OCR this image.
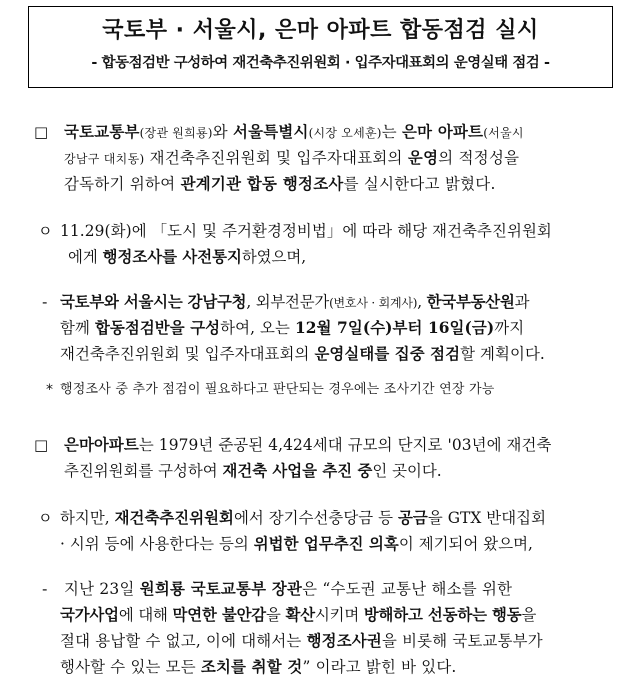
국토부 · 서울시, 은마 아파트 합동점검 실시
- 합동점검반 구성하여 재건축추진위원회 · 입주자대표회의 운영실태 점검 -
□ 국토교통부(장관 원희룡)와 서울특별시(시장 오세훈)는 은마 아파트(서울시
강남구 대치동) 재건축추진위원회 및 입주자대표회의 운영의 적정성을
감독하기 위하여 관계기관 합동 행정조사를 실시한다고 밝혔다.
ㅇ 11.29(화)에 「도시 및 주거환경정비법」에 따라 해당 재건축추진위원회
에게 행정조사를 사전통지하였으며,
- 국토부와 서울시는 강남구청, 외부전문가(변호사 · 회계사), 한국부동산원과
함께 합동점검반을 구성하여, 오는 12월 7일(수)부터 16일(금)까지
재건축추진위원회 및 입주자대표회의 운영실태를 집중 점검할 계획이다.
* 행정조사 중 추가 점검이 필요하다고 판단되는 경우에는 조사기간 연장 가능
□ 은마아파트는 1979년 준공된 4,424세대 규모의 단지로 '03년에 재건축
추진위원회를 구성하여 재건축 사업을 추진 중인 곳이다.
ㅇ 하지만, 재건축추진위원회에서 장기수선충당금 등 공금을 GTX 반대집회
· 시위 등에 사용한다는 등의 위법한 업무추진 의혹이 제기되어 왔으며,
- 지난 23일 원희룡 국토교통부 장관은 “수도권 교통난 해소를 위한
국가사업에 대해 막연한 불안감을 확산시키며 방해하고 선동하는 행동을
절대 용납할 수 없고, 이에 대해서는 행정조사권을 비롯해 국토교통부가
행사할 수 있는 모든 조치를 취할 것” 이라고 밝힌 바 있다.
